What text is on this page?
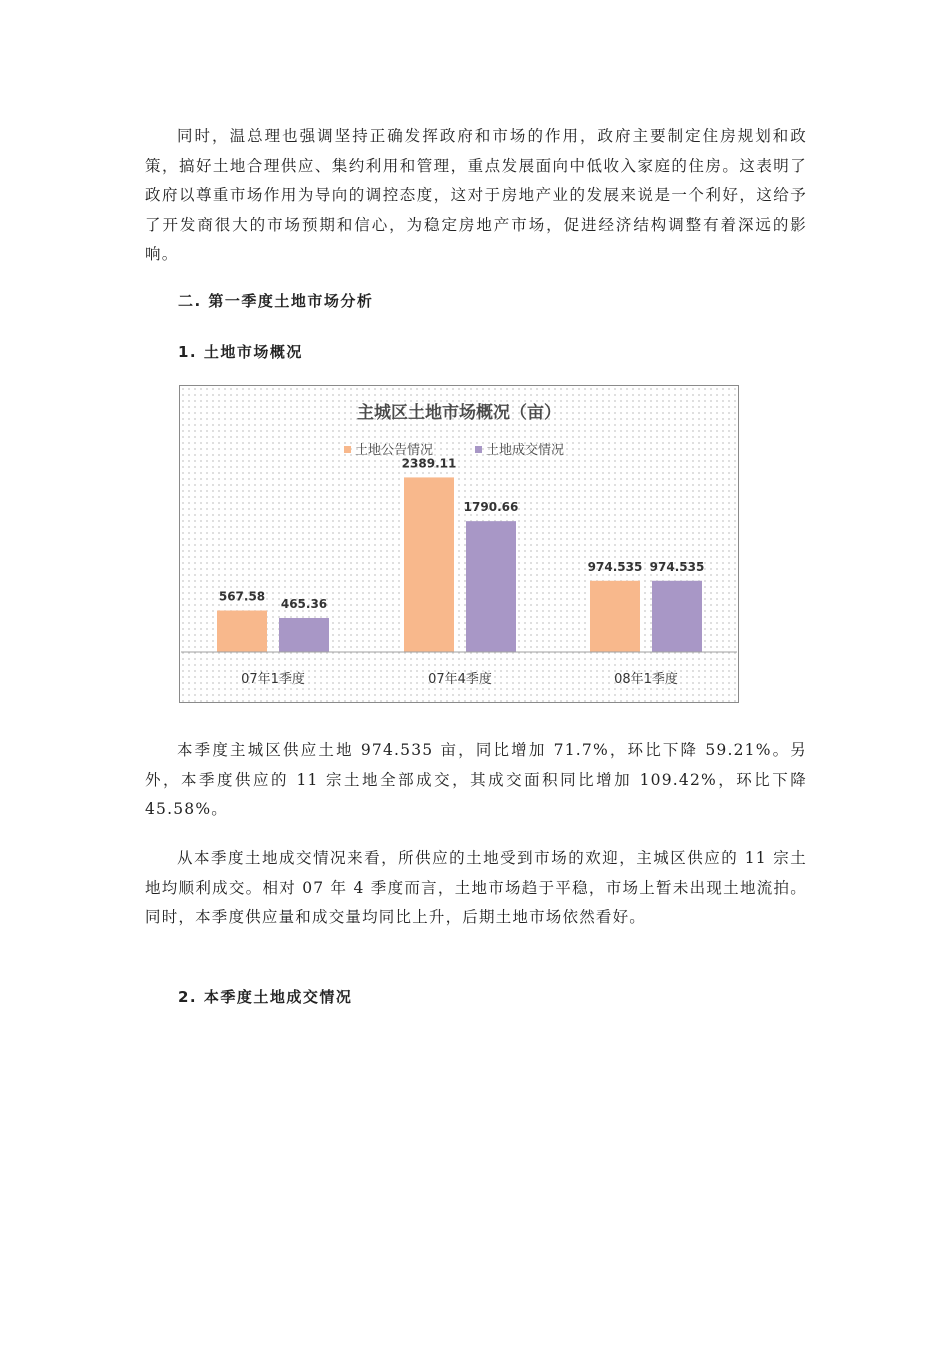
同时，温总理也强调坚持正确发挥政府和市场的作用，政府主要制定住房规划和政策，搞好土地合理供应、集约利用和管理，重点发展面向中低收入家庭的住房。这表明了政府以尊重市场作用为导向的调控态度，这对于房地产业的发展来说是一个利好，这给予了开发商很大的市场预期和信心，为稳定房地产市场，促进经济结构调整有着深远的影响。

二. 第一季度土地市场分析
1. 土地市场概况
主城区土地市场概况（亩）
土地公告情况	土地成交情况
567.58
465.36
2389.11
1790.66
974.535 974.535
07年1季度	07年4季度	08年1季度

本季度主城区供应土地 974.535 亩，同比增加 71.7%，环比下降 59.21%。另外，本季度供应的 11 宗土地全部成交，其成交面积同比增加 109.42%，环比下降 45.58%。

从本季度土地成交情况来看，所供应的土地受到市场的欢迎，主城区供应的 11 宗土地均顺利成交。相对 07 年 4 季度而言，土地市场趋于平稳，市场上暂未出现土地流拍。同时，本季度供应量和成交量均同比上升，后期土地市场依然看好。

2. 本季度土地成交情况
